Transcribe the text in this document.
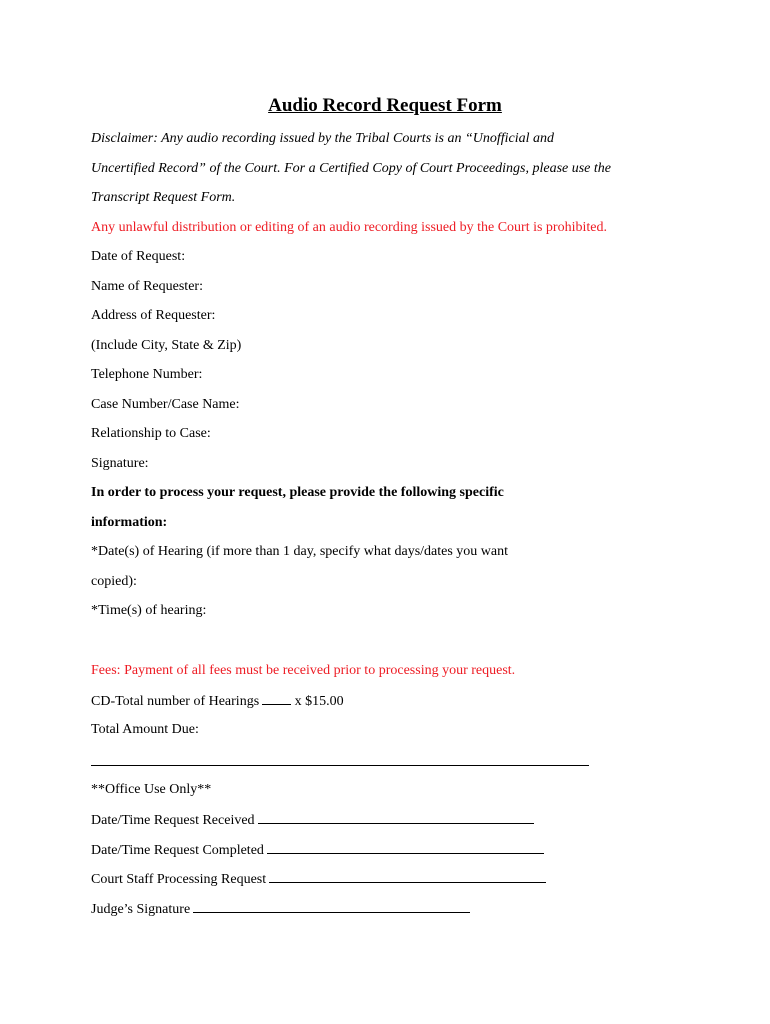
Audio Record Request Form

Disclaimer: Any audio recording issued by the Tribal Courts is an “Unofficial and

Uncertified Record” of the Court. For a Certified Copy of Court Proceedings, please use the

Transcript Request Form.

Any unlawful distribution or editing of an audio recording issued by the Court is prohibited.

Date of Request:

Name of Requester:

Address of Requester:

(Include City, State & Zip)

Telephone Number:

Case Number/Case Name:

Relationship to Case:

Signature:

In order to process your request, please provide the following specific

information:

*Date(s) of Hearing (if more than 1 day, specify what days/dates you want

copied):

*Time(s) of hearing:

Fees: Payment of all fees must be received prior to processing your request.

CD-Total number of Hearings	x $15.00

Total Amount Due:

**Office Use Only**

Date/Time Request Received

Date/Time Request Completed

Court Staff Processing Request

Judge’s Signature
